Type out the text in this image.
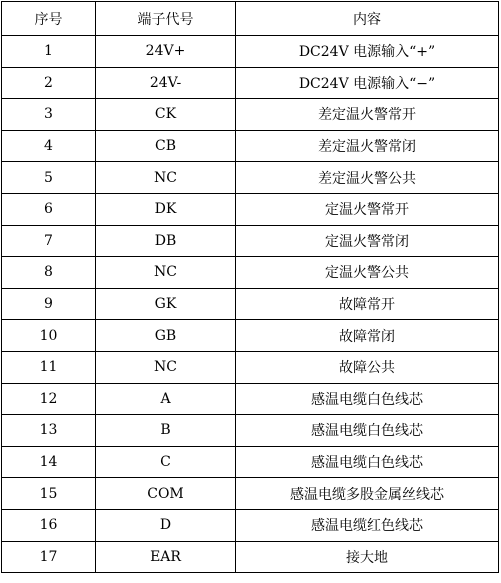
序号	端子代号	内容
1	24V+	DC24V 电源输入“+”
2	24V-	DC24V 电源输入“−”
3	CK	差定温火警常开
4	CB	差定温火警常闭
5	NC	差定温火警公共
6	DK	定温火警常开
7	DB	定温火警常闭
8	NC	定温火警公共
9	GK	故障常开
10	GB	故障常闭
11	NC	故障公共
12	A	感温电缆白色线芯
13	B	感温电缆白色线芯
14	C	感温电缆白色线芯
15	COM	感温电缆多股金属丝线芯
16	D	感温电缆红色线芯
17	EAR	接大地
